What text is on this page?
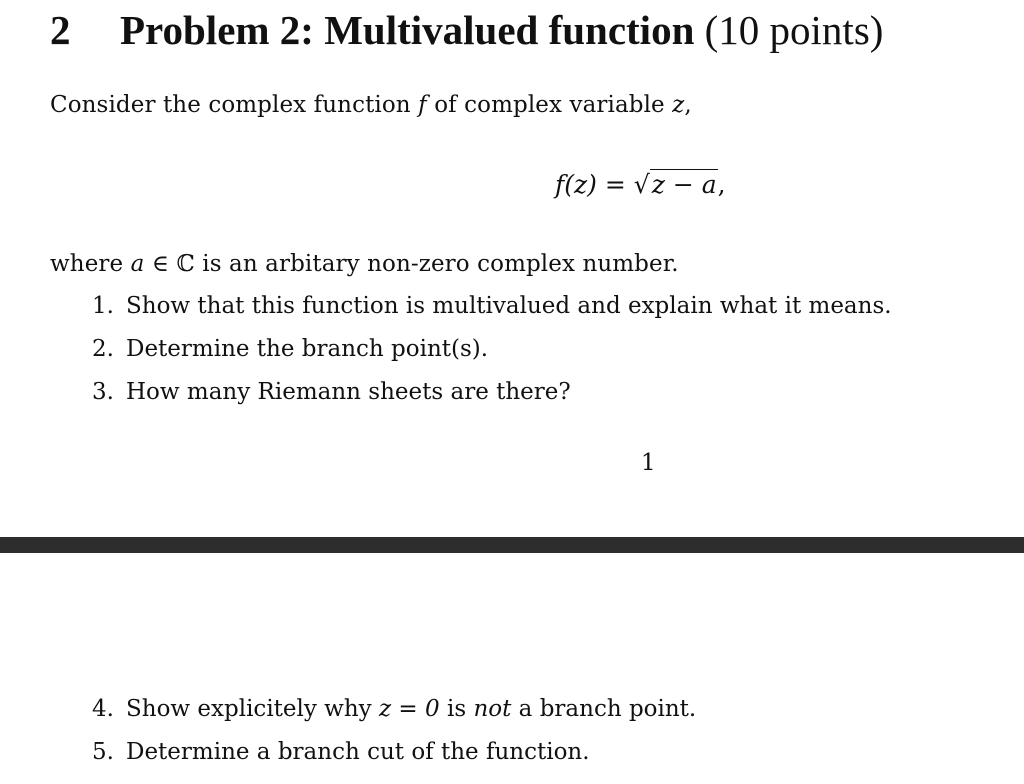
2 Problem 2: Multivalued function (10 points)
Consider the complex function f of complex variable z,
f(z) = √z − a,
where a ∈ ℂ is an arbitary non-zero complex number.
1. Show that this function is multivalued and explain what it means.
2. Determine the branch point(s).
3. How many Riemann sheets are there?
1
4. Show explicitely why z = 0 is not a branch point.
5. Determine a branch cut of the function.
